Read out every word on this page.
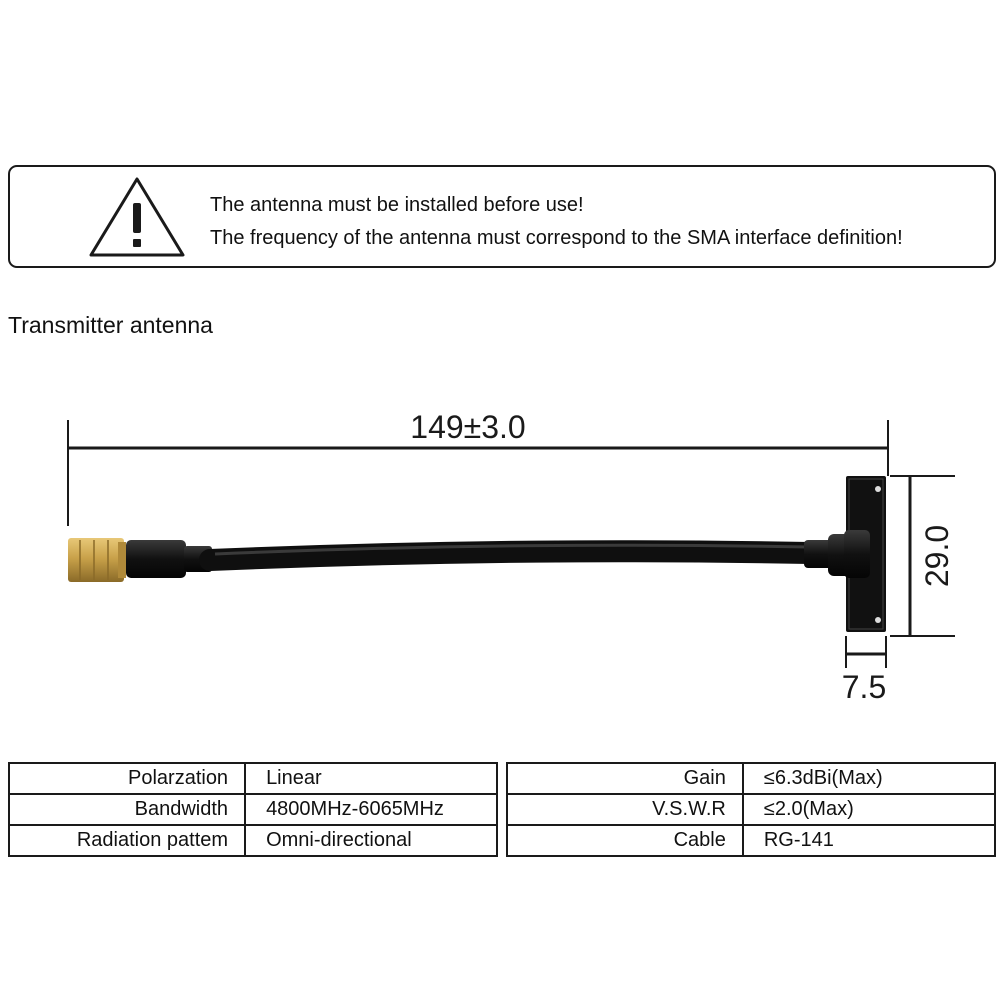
The antenna must be installed before use!
The frequency of the antenna must correspond to the SMA interface definition!
Transmitter antenna
149±3.0
29.0
7.5
Polarzation	Linear
Bandwidth	4800MHz-6065MHz
Radiation pattem	Omni-directional
Gain	≤6.3dBi(Max)
V.S.W.R	≤2.0(Max)
Cable	RG-141
